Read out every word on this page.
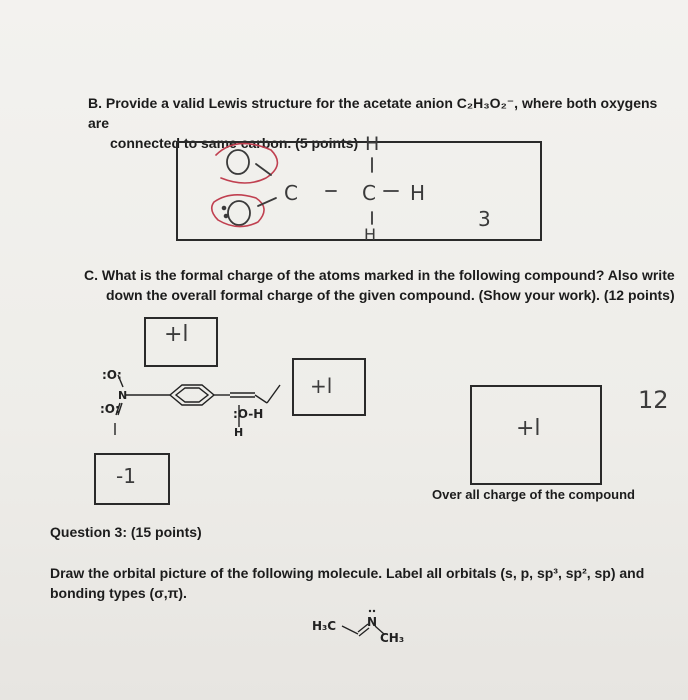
B. Provide a valid Lewis structure for the acetate anion C₂H₃O₂⁻, where both oxygens are
connected to same carbon. (5 points)
C	C H
H
H
3
C. What is the formal charge of the atoms marked in the following compound? Also write
down the overall formal charge of the given compound. (Show your work). (12 points)
+l
+l
-1
+l
Over all charge of the compound
12
:O:
N
:O:	:O-H
H
Question 3: (15 points)
Draw the orbital picture of the following molecule. Label all orbitals (s, p, sp³, sp², sp) and
bonding types (σ,π).
H₃C	N
CH₃
